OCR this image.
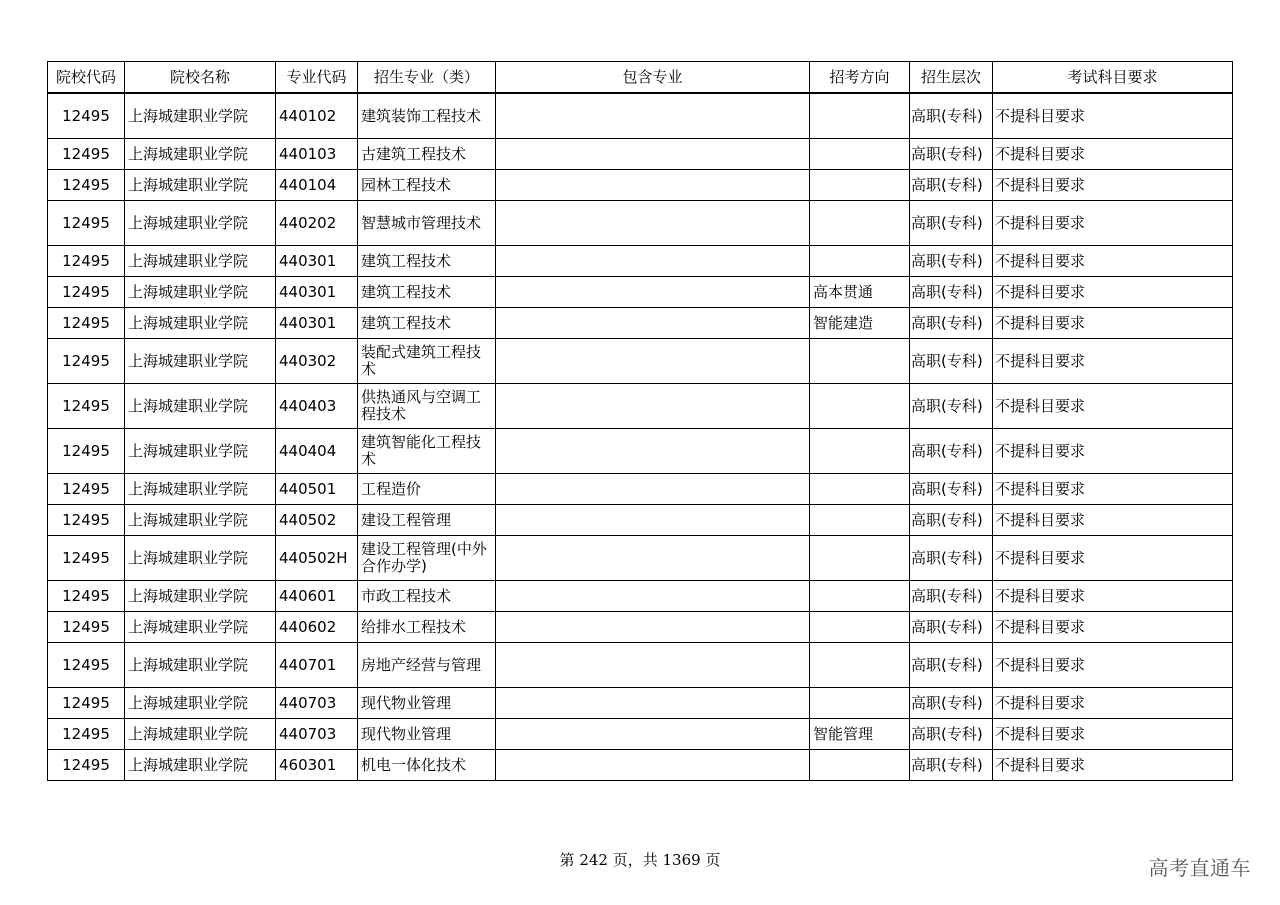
院校代码	院校名称	专业代码	招生专业（类）	包含专业	招考方向	招生层次	考试科目要求
12495	上海城建职业学院	440102	建筑装饰工程技术			高职(专科)	不提科目要求
12495	上海城建职业学院	440103	古建筑工程技术			高职(专科)	不提科目要求
12495	上海城建职业学院	440104	园林工程技术			高职(专科)	不提科目要求
12495	上海城建职业学院	440202	智慧城市管理技术			高职(专科)	不提科目要求
12495	上海城建职业学院	440301	建筑工程技术			高职(专科)	不提科目要求
12495	上海城建职业学院	440301	建筑工程技术		高本贯通	高职(专科)	不提科目要求
12495	上海城建职业学院	440301	建筑工程技术		智能建造	高职(专科)	不提科目要求
12495	上海城建职业学院	440302	装配式建筑工程技术			高职(专科)	不提科目要求
12495	上海城建职业学院	440403	供热通风与空调工程技术			高职(专科)	不提科目要求
12495	上海城建职业学院	440404	建筑智能化工程技术			高职(专科)	不提科目要求
12495	上海城建职业学院	440501	工程造价			高职(专科)	不提科目要求
12495	上海城建职业学院	440502	建设工程管理			高职(专科)	不提科目要求
12495	上海城建职业学院	440502H	建设工程管理(中外合作办学)			高职(专科)	不提科目要求
12495	上海城建职业学院	440601	市政工程技术			高职(专科)	不提科目要求
12495	上海城建职业学院	440602	给排水工程技术			高职(专科)	不提科目要求
12495	上海城建职业学院	440701	房地产经营与管理			高职(专科)	不提科目要求
12495	上海城建职业学院	440703	现代物业管理			高职(专科)	不提科目要求
12495	上海城建职业学院	440703	现代物业管理		智能管理	高职(专科)	不提科目要求
12495	上海城建职业学院	460301	机电一体化技术			高职(专科)	不提科目要求
第 242 页，共 1369 页	高考直通车
